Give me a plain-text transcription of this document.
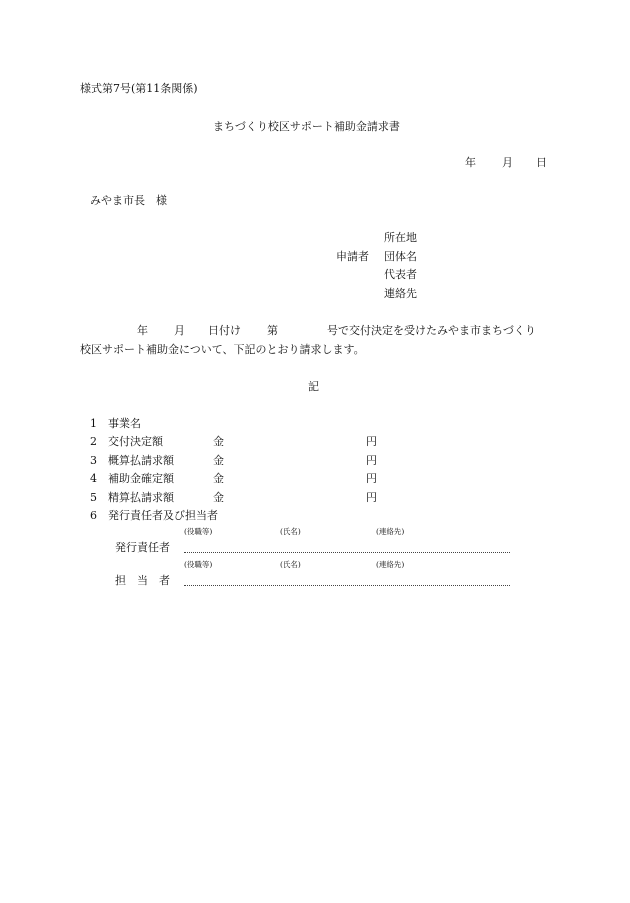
様式第7号(第11条関係)
まちづくり校区サポート補助金請求書
年 月 日
みやま市長　様
所在地
申請者 団体名
代表者
連絡先
年 月 日付け 第	号で交付決定を受けたみやま市まちづくり
校区サポート補助金について、下記のとおり請求します。
記
1 事業名
2 交付決定額	金	円
3 概算払請求額	金	円
4 補助金確定額	金	円
5 精算払請求額	金	円
6 発行責任者及び担当者
(役職等)	(氏名)	(連絡先)
発行責任者
(役職等)	(氏名)	(連絡先)
担　当　者
